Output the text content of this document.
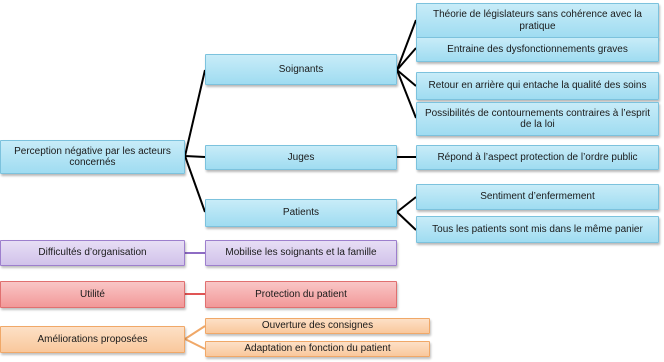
Perception négative par les acteurs concernés
Soignants
Juges
Patients
Théorie de législateurs sans cohérence avec la pratique
Entraine des dysfonctionnements graves
Retour en arrière qui entache la qualité des soins
Possibilités de contournements contraires à l’esprit de la loi
Répond à l’aspect protection de l’ordre public
Sentiment d’enfermement
Tous les patients sont mis dans le même panier
Difficultés d’organisation	Mobilise les soignants et la famille
Utilité	Protection du patient
Améliorations proposées
Ouverture des consignes
Adaptation en fonction du patient
